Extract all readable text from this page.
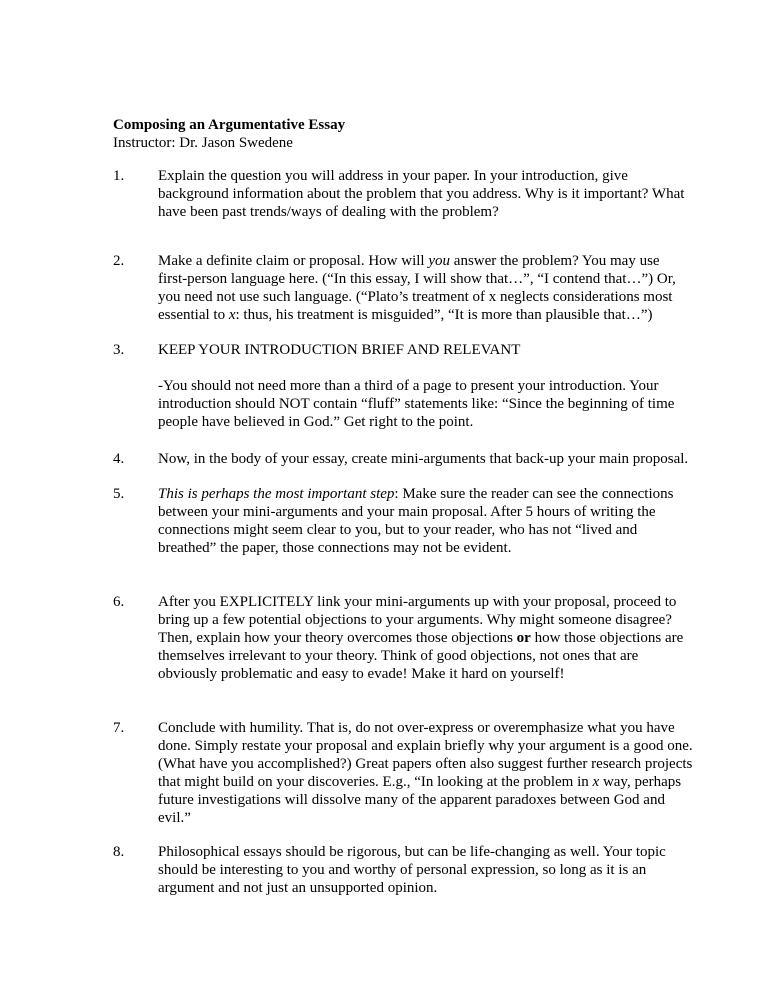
Composing an Argumentative Essay
Instructor: Dr. Jason Swedene
1. Explain the question you will address in your paper. In your introduction, give
background information about the problem that you address. Why is it important? What
have been past trends/ways of dealing with the problem?
2. Make a definite claim or proposal. How will you answer the problem? You may use
first-person language here. (“In this essay, I will show that…”, “I contend that…”) Or,
you need not use such language. (“Plato’s treatment of x neglects considerations most
essential to x: thus, his treatment is misguided”, “It is more than plausible that…”)
3. KEEP YOUR INTRODUCTION BRIEF AND RELEVANT
-You should not need more than a third of a page to present your introduction. Your
introduction should NOT contain “fluff” statements like: “Since the beginning of time
people have believed in God.” Get right to the point.
4. Now, in the body of your essay, create mini-arguments that back-up your main proposal.
5. This is perhaps the most important step: Make sure the reader can see the connections
between your mini-arguments and your main proposal. After 5 hours of writing the
connections might seem clear to you, but to your reader, who has not “lived and
breathed” the paper, those connections may not be evident.
6. After you EXPLICITELY link your mini-arguments up with your proposal, proceed to
bring up a few potential objections to your arguments. Why might someone disagree?
Then, explain how your theory overcomes those objections or how those objections are
themselves irrelevant to your theory. Think of good objections, not ones that are
obviously problematic and easy to evade! Make it hard on yourself!
7. Conclude with humility. That is, do not over-express or overemphasize what you have
done. Simply restate your proposal and explain briefly why your argument is a good one.
(What have you accomplished?) Great papers often also suggest further research projects
that might build on your discoveries. E.g., “In looking at the problem in x way, perhaps
future investigations will dissolve many of the apparent paradoxes between God and
evil.”
8. Philosophical essays should be rigorous, but can be life-changing as well. Your topic
should be interesting to you and worthy of personal expression, so long as it is an
argument and not just an unsupported opinion.
